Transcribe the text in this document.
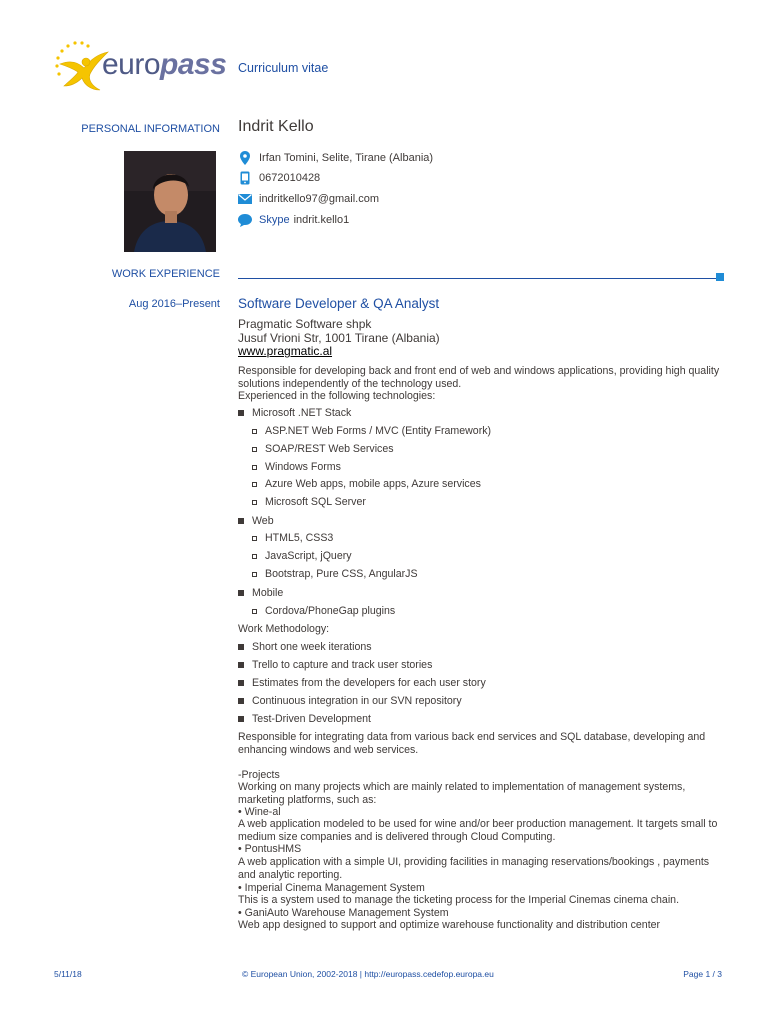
europass Curriculum vitae
PERSONAL INFORMATION Indrit Kello
Irfan Tomini, Selite, Tirane (Albania)
0672010428
indritkello97@gmail.com
Skype indrit.kello1
WORK EXPERIENCE
Aug 2016–Present Software Developer & QA Analyst
Pragmatic Software shpk
Jusuf Vrioni Str, 1001 Tirane (Albania)
www.pragmatic.al
Responsible for developing back and front end of web and windows applications, providing high quality solutions independently of the technology used.
Experienced in the following technologies:
Microsoft .NET Stack
ASP.NET Web Forms / MVC (Entity Framework)
SOAP/REST Web Services
Windows Forms
Azure Web apps, mobile apps, Azure services
Microsoft SQL Server
Web
HTML5, CSS3
JavaScript, jQuery
Bootstrap, Pure CSS, AngularJS
Mobile
Cordova/PhoneGap plugins
Work Methodology:
Short one week iterations
Trello to capture and track user stories
Estimates from the developers for each user story
Continuous integration in our SVN repository
Test-Driven Development
Responsible for integrating data from various back end services and SQL database, developing and enhancing windows and web services.
-Projects
Working on many projects which are mainly related to implementation of management systems, marketing platforms, such as:
• Wine-al
A web application modeled to be used for wine and/or beer production management. It targets small to medium size companies and is delivered through Cloud Computing.
• PontusHMS
A web application with a simple UI, providing facilities in managing reservations/bookings , payments and analytic reporting.
• Imperial Cinema Management System
This is a system used to manage the ticketing process for the Imperial Cinemas cinema chain.
• GaniAuto Warehouse Management System
Web app designed to support and optimize warehouse functionality and distribution center
5/11/18	© European Union, 2002-2018 | http://europass.cedefop.europa.eu	Page 1 / 3
